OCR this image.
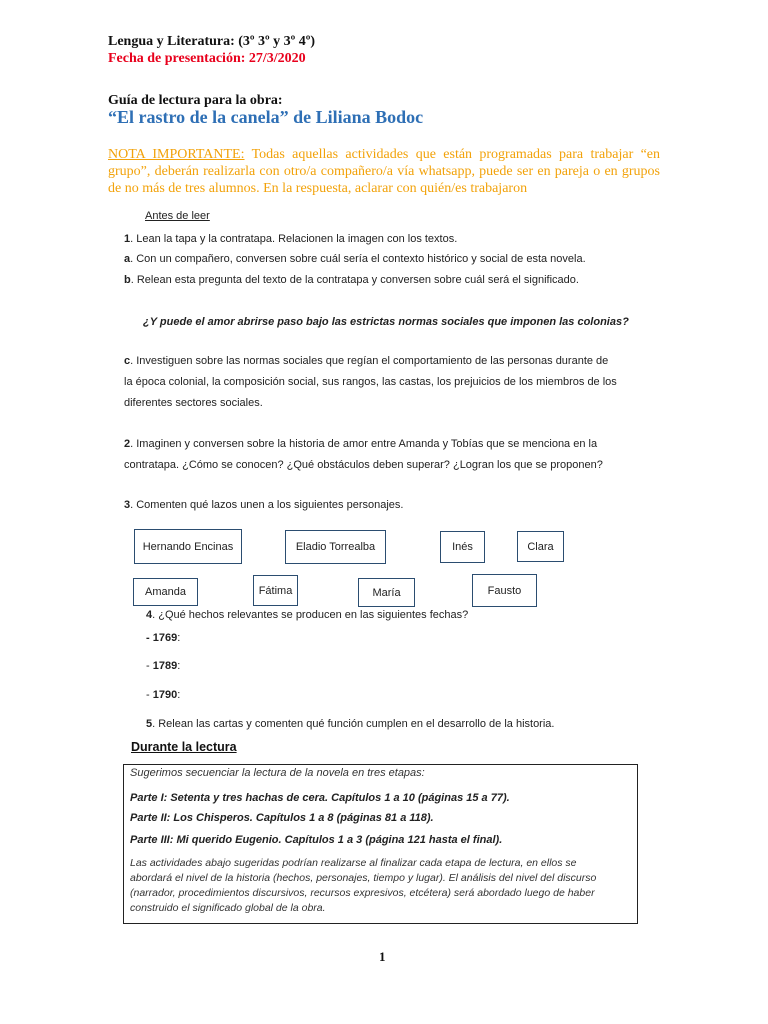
Lengua y Literatura: (3º 3º y 3º 4º)
Fecha de presentación: 27/3/2020
Guía de lectura para la obra:
“El rastro de la canela” de Liliana Bodoc
NOTA IMPORTANTE: Todas aquellas actividades que están programadas para trabajar “en grupo”, deberán realizarla con otro/a compañero/a vía whatsapp, puede ser en pareja o en grupos de no más de tres alumnos. En la respuesta, aclarar con quién/es trabajaron
Antes de leer
1. Lean la tapa y la contratapa. Relacionen la imagen con los textos.
a. Con un compañero, conversen sobre cuál sería el contexto histórico y social de esta novela.
b. Relean esta pregunta del texto de la contratapa y conversen sobre cuál será el significado.
¿Y puede el amor abrirse paso bajo las estrictas normas sociales que imponen las colonias?
c. Investiguen sobre las normas sociales que regían el comportamiento de las personas durante de
la época colonial, la composición social, sus rangos, las castas, los prejuicios de los miembros de los
diferentes sectores sociales.
2. Imaginen y conversen sobre la historia de amor entre Amanda y Tobías que se menciona en la
contratapa. ¿Cómo se conocen? ¿Qué obstáculos deben superar? ¿Logran los que se proponen?
3. Comenten qué lazos unen a los siguientes personajes.
Hernando Encinas	Eladio Torrealba	Inés	Clara
Amanda	Fátima	María	Fausto
4. ¿Qué hechos relevantes se producen en las siguientes fechas?
- 1769:
- 1789:
- 1790:
5. Relean las cartas y comenten qué función cumplen en el desarrollo de la historia.
Durante la lectura
Sugerimos secuenciar la lectura de la novela en tres etapas:
Parte I: Setenta y tres hachas de cera. Capítulos 1 a 10 (páginas 15 a 77).
Parte II: Los Chisperos. Capítulos 1 a 8 (páginas 81 a 118).
Parte III: Mi querido Eugenio. Capítulos 1 a 3 (página 121 hasta el final).
Las actividades abajo sugeridas podrían realizarse al finalizar cada etapa de lectura, en ellos se
abordará el nivel de la historia (hechos, personajes, tiempo y lugar). El análisis del nivel del discurso
(narrador, procedimientos discursivos, recursos expresivos, etcétera) será abordado luego de haber
construido el significado global de la obra.
1
